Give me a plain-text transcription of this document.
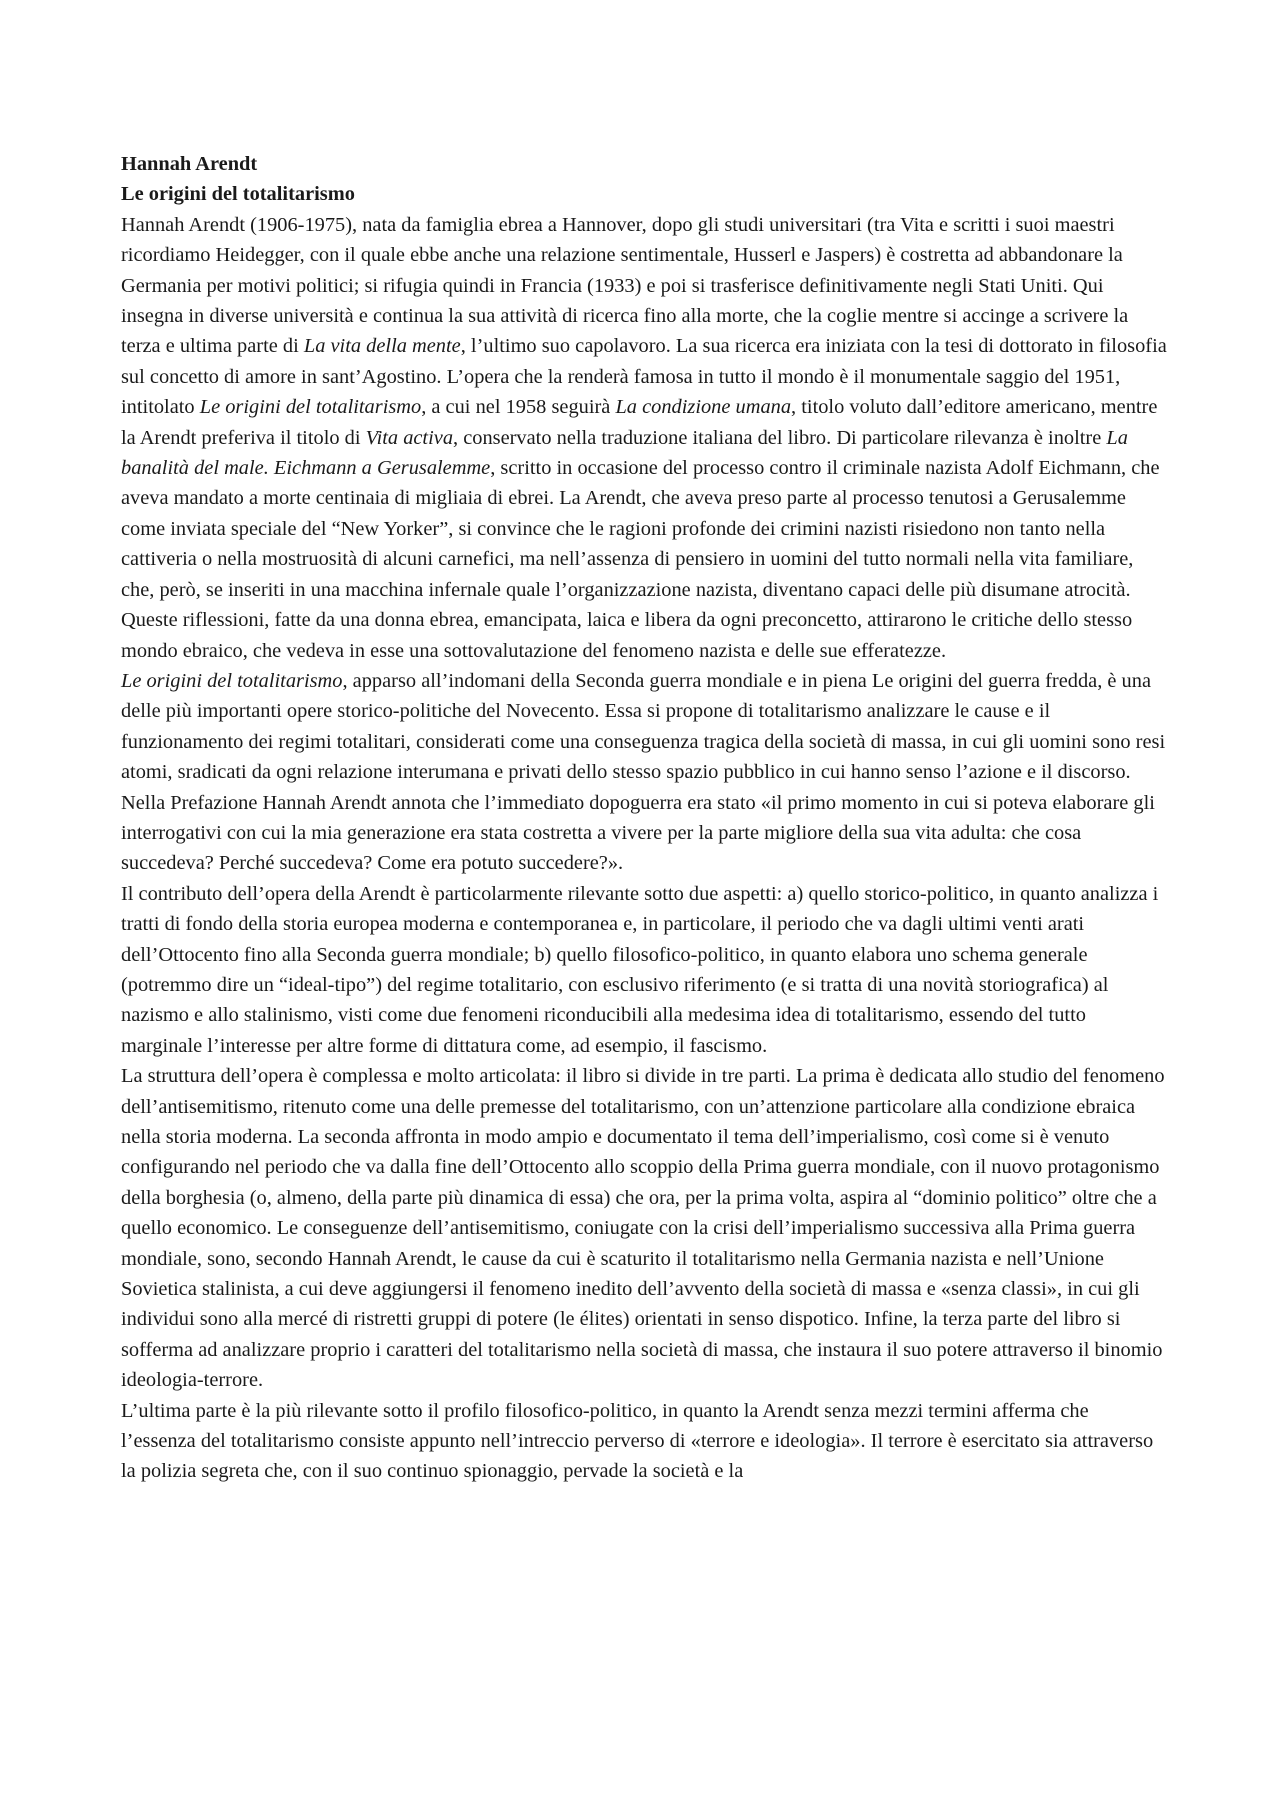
Hannah Arendt
Le origini del totalitarismo

Hannah Arendt (1906-1975), nata da famiglia ebrea a Hannover, dopo gli studi universitari (tra Vita e scritti i suoi maestri ricordiamo Heidegger, con il quale ebbe anche una relazione sentimentale, Husserl e Jaspers) è costretta ad abbandonare la Germania per motivi politici; si rifugia quindi in Francia (1933) e poi si trasferisce definitivamente negli Stati Uniti. Qui insegna in diverse università e continua la sua attività di ricerca fino alla morte, che la coglie mentre si accinge a scrivere la terza e ultima parte di La vita della mente, l’ultimo suo capolavoro. La sua ricerca era iniziata con la tesi di dottorato in filosofia sul concetto di amore in sant’Agostino. L’opera che la renderà famosa in tutto il mondo è il monumentale saggio del 1951, intitolato Le origini del totalitarismo, a cui nel 1958 seguirà La condizione umana, titolo voluto dall’editore americano, mentre la Arendt preferiva il titolo di Vita activa, conservato nella traduzione italiana del libro. Di particolare rilevanza è inoltre La banalità del male. Eichmann a Gerusalemme, scritto in occasione del processo contro il criminale nazista Adolf Eichmann, che aveva mandato a morte centinaia di migliaia di ebrei. La Arendt, che aveva preso parte al processo tenutosi a Gerusalemme come inviata speciale del “New Yorker”, si convince che le ragioni profonde dei crimini nazisti risiedono non tanto nella cattiveria o nella mostruosità di alcuni carnefici, ma nell’assenza di pensiero in uomini del tutto normali nella vita familiare, che, però, se inseriti in una macchina infernale quale l’organizzazione nazista, diventano capaci delle più disumane atrocità. Queste riflessioni, fatte da una donna ebrea, emancipata, laica e libera da ogni preconcetto, attirarono le critiche dello stesso mondo ebraico, che vedeva in esse una sottovalutazione del fenomeno nazista e delle sue efferatezze.

Le origini del totalitarismo, apparso all’indomani della Seconda guerra mondiale e in piena Le origini del guerra fredda, è una delle più importanti opere storico-politiche del Novecento. Essa si propone di totalitarismo analizzare le cause e il funzionamento dei regimi totalitari, considerati come una conseguenza tragica della società di massa, in cui gli uomini sono resi atomi, sradicati da ogni relazione interumana e privati dello stesso spazio pubblico in cui hanno senso l’azione e il discorso.

Nella Prefazione Hannah Arendt annota che l’immediato dopoguerra era stato «il primo momento in cui si poteva elaborare gli interrogativi con cui la mia generazione era stata costretta a vivere per la parte migliore della sua vita adulta: che cosa succedeva? Perché succedeva? Come era potuto succedere?».

Il contributo dell’opera della Arendt è particolarmente rilevante sotto due aspetti: a) quello storico-politico, in quanto analizza i tratti di fondo della storia europea moderna e contemporanea e, in particolare, il periodo che va dagli ultimi venti arati dell’Ottocento fino alla Seconda guerra mondiale; b) quello filosofico-politico, in quanto elabora uno schema generale (potremmo dire un “ideal-tipo”) del regime totalitario, con esclusivo riferimento (e si tratta di una novità storiografica) al nazismo e allo stalinismo, visti come due fenomeni riconducibili alla medesima idea di totalitarismo, essendo del tutto marginale l’interesse per altre forme di dittatura come, ad esempio, il fascismo.

La struttura dell’opera è complessa e molto articolata: il libro si divide in tre parti. La prima è dedicata allo studio del fenomeno dell’antisemitismo, ritenuto come una delle premesse del totalitarismo, con un’attenzione particolare alla condizione ebraica nella storia moderna. La seconda affronta in modo ampio e documentato il tema dell’imperialismo, così come si è venuto configurando nel periodo che va dalla fine dell’Ottocento allo scoppio della Prima guerra mondiale, con il nuovo protagonismo della borghesia (o, almeno, della parte più dinamica di essa) che ora, per la prima volta, aspira al “dominio politico” oltre che a quello economico. Le conseguenze dell’antisemitismo, coniugate con la crisi dell’imperialismo successiva alla Prima guerra mondiale, sono, secondo Hannah Arendt, le cause da cui è scaturito il totalitarismo nella Germania nazista e nell’Unione Sovietica stalinista, a cui deve aggiungersi il fenomeno inedito dell’avvento della società di massa e «senza classi», in cui gli individui sono alla mercé di ristretti gruppi di potere (le élites) orientati in senso dispotico. Infine, la terza parte del libro si sofferma ad analizzare proprio i caratteri del totalitarismo nella società di massa, che instaura il suo potere attraverso il binomio ideologia-terrore.

L’ultima parte è la più rilevante sotto il profilo filosofico-politico, in quanto la Arendt senza mezzi termini afferma che l’essenza del totalitarismo consiste appunto nell’intreccio perverso di «terrore e ideologia». Il terrore è esercitato sia attraverso la polizia segreta che, con il suo continuo spionaggio, pervade la società e la
